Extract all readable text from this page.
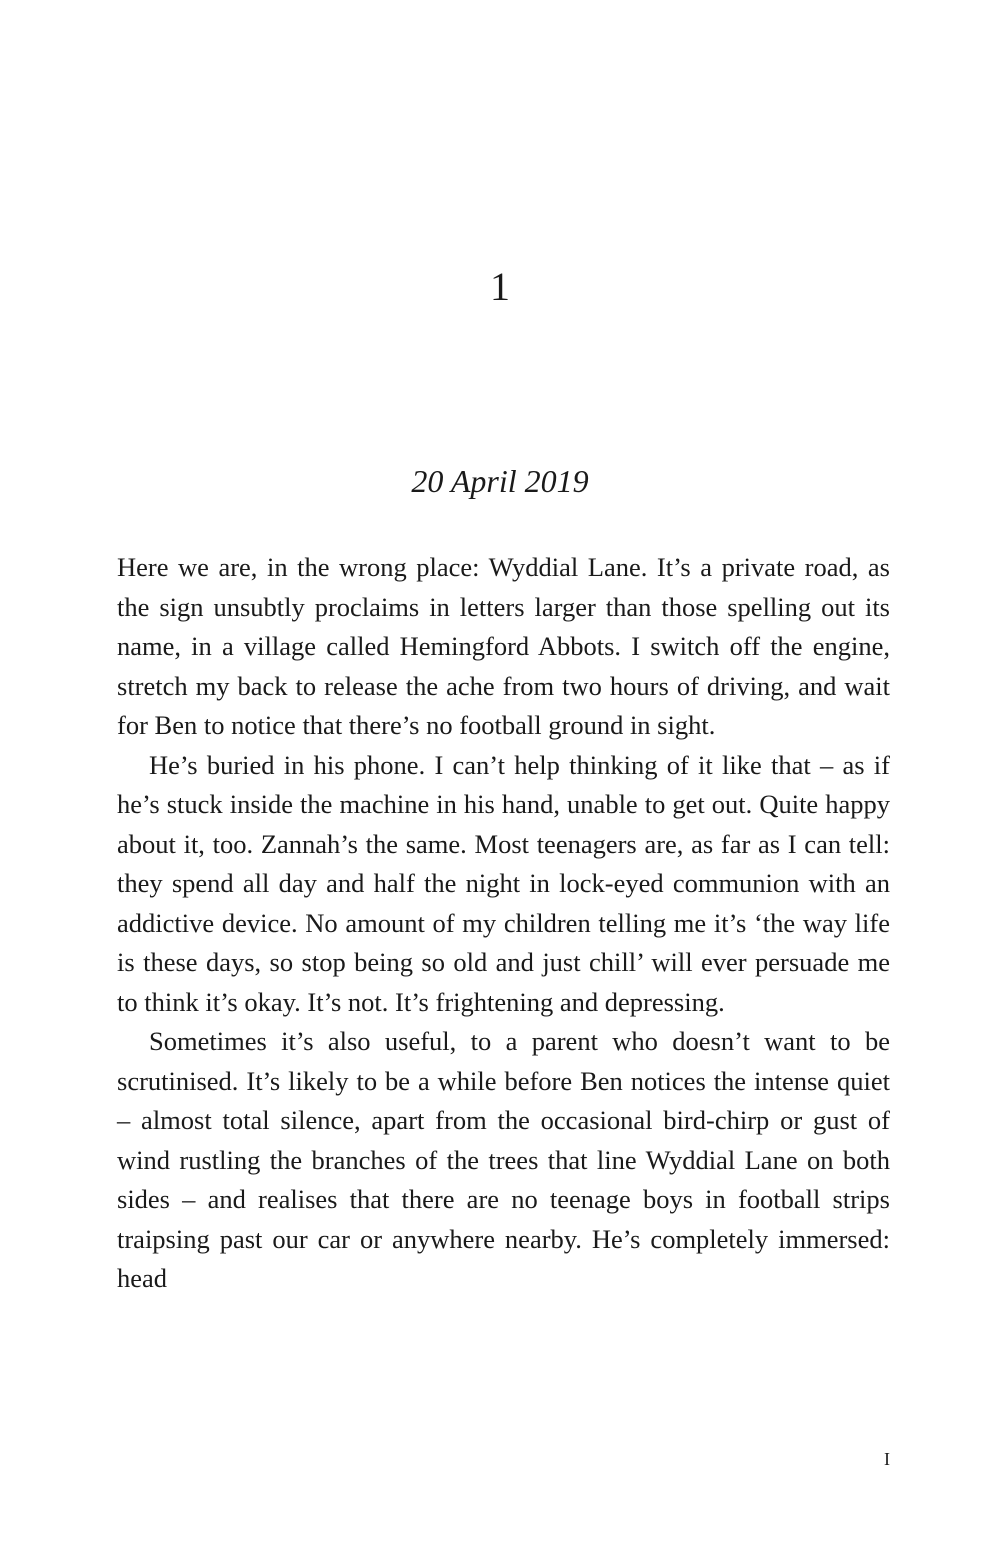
1
20 April 2019

Here we are, in the wrong place: Wyddial Lane. It’s a private road, as the sign unsubtly proclaims in letters larger than those spelling out its name, in a village called Hemingford Abbots. I switch off the engine, stretch my back to release the ache from two hours of driving, and wait for Ben to notice that there’s no football ground in sight.

He’s buried in his phone. I can’t help thinking of it like that – as if he’s stuck inside the machine in his hand, unable to get out. Quite happy about it, too. Zannah’s the same. Most teenagers are, as far as I can tell: they spend all day and half the night in lock-eyed communion with an addictive device. No amount of my children telling me it’s ‘the way life is these days, so stop being so old and just chill’ will ever persuade me to think it’s okay. It’s not. It’s frightening and depressing.

Sometimes it’s also useful, to a parent who doesn’t want to be scrutinised. It’s likely to be a while before Ben notices the intense quiet – almost total silence, apart from the occasional bird-chirp or gust of wind rustling the branches of the trees that line Wyddial Lane on both sides – and realises that there are no teenage boys in football strips traipsing past our car or anywhere nearby. He’s completely immersed: head

I
